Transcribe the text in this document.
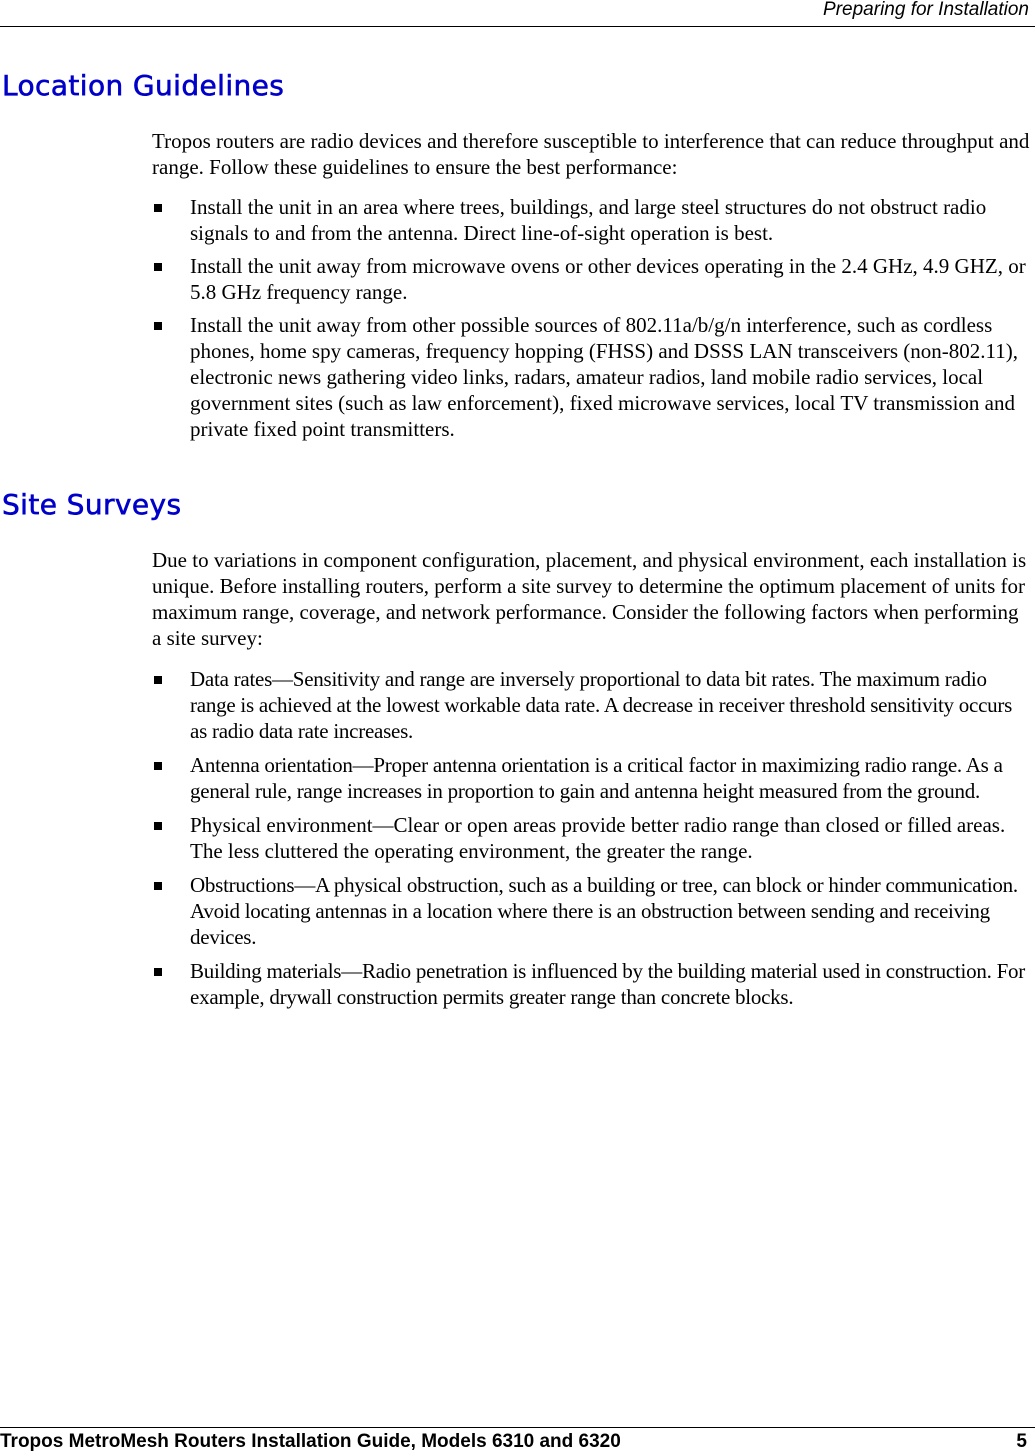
Preparing for Installation
Location Guidelines

Tropos routers are radio devices and therefore susceptible to interference that can reduce throughput and range. Follow these guidelines to ensure the best performance:

Install the unit in an area where trees, buildings, and large steel structures do not obstruct radio signals to and from the antenna. Direct line-of-sight operation is best.
Install the unit away from microwave ovens or other devices operating in the 2.4 GHz, 4.9 GHZ, or 5.8 GHz frequency range.
Install the unit away from other possible sources of 802.11a/b/g/n interference, such as cordless phones, home spy cameras, frequency hopping (FHSS) and DSSS LAN transceivers (non-802.11), electronic news gathering video links, radars, amateur radios, land mobile radio services, local government sites (such as law enforcement), fixed microwave services, local TV transmission and private fixed point transmitters.
Site Surveys

Due to variations in component configuration, placement, and physical environment, each installation is unique. Before installing routers, perform a site survey to determine the optimum placement of units for maximum range, coverage, and network performance. Consider the following factors when performing a site survey:

Data rates—Sensitivity and range are inversely proportional to data bit rates. The maximum radio range is achieved at the lowest workable data rate. A decrease in receiver threshold sensitivity occurs as radio data rate increases.
Antenna orientation—Proper antenna orientation is a critical factor in maximizing radio range. As a general rule, range increases in proportion to gain and antenna height measured from the ground.
Physical environment—Clear or open areas provide better radio range than closed or filled areas. The less cluttered the operating environment, the greater the range.
Obstructions—A physical obstruction, such as a building or tree, can block or hinder communication. Avoid locating antennas in a location where there is an obstruction between sending and receiving devices.
Building materials—Radio penetration is influenced by the building material used in construction. For example, drywall construction permits greater range than concrete blocks.
Tropos MetroMesh Routers Installation Guide, Models 6310 and 6320	5
